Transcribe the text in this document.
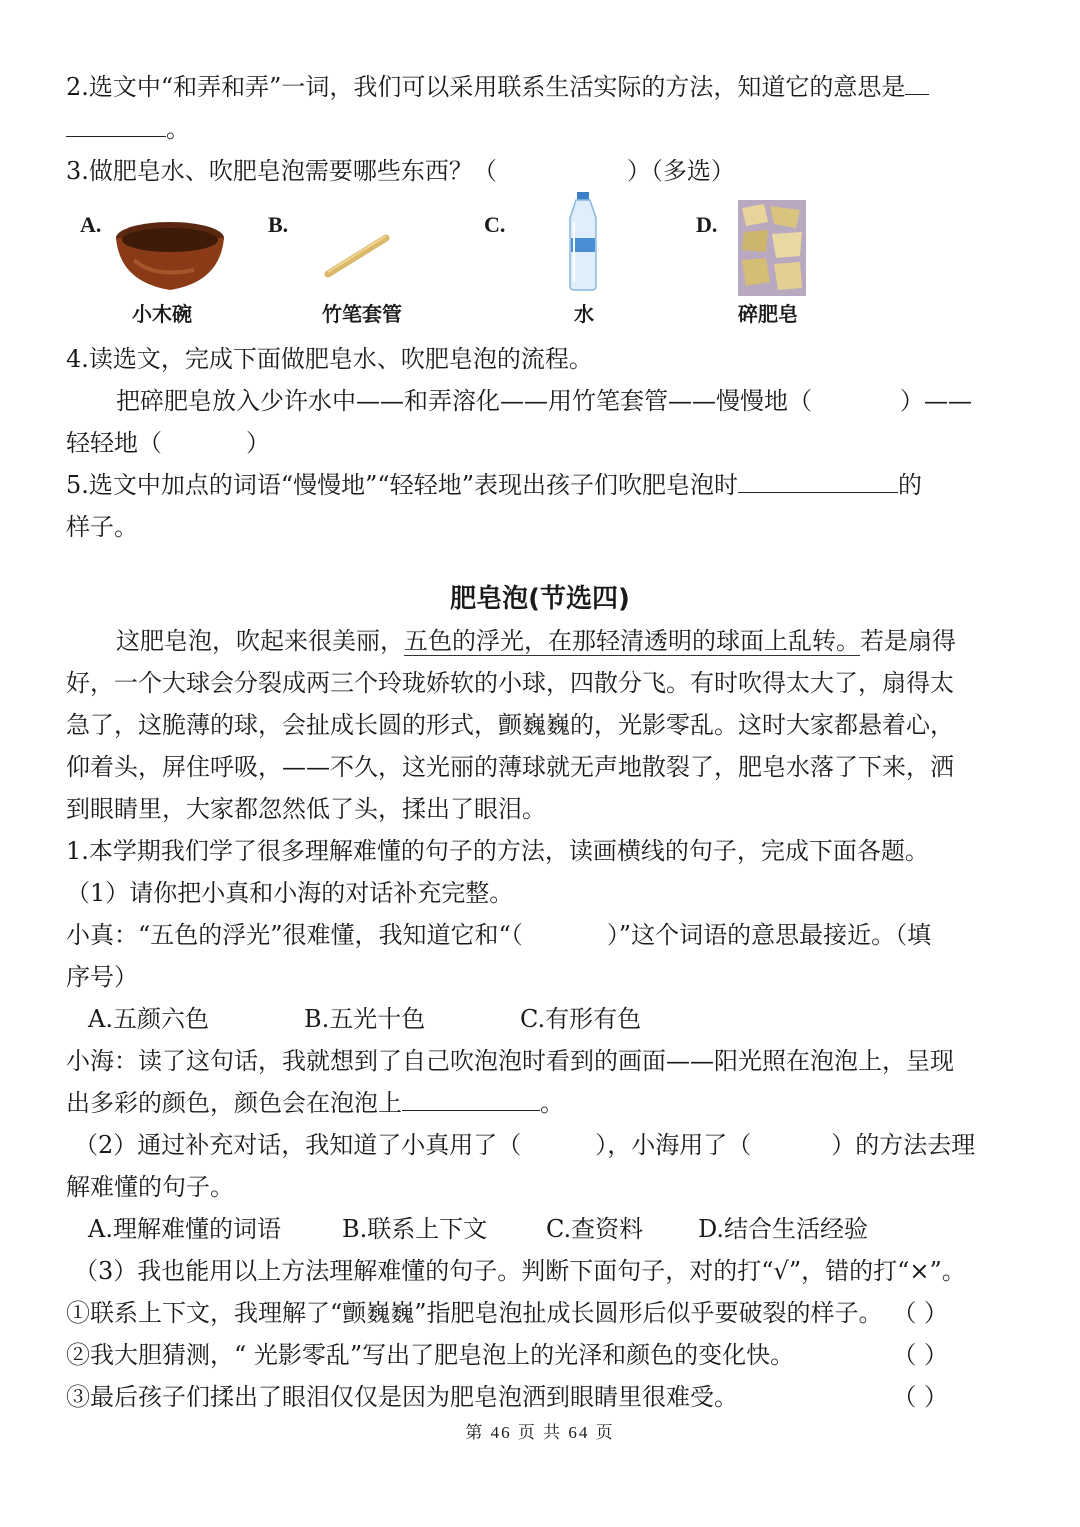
2.选文中“和弄和弄”一词，我们可以采用联系生活实际的方法，知道它的意思是
。
3.做肥皂水、吹肥皂泡需要哪些东西？（	）（多选）
A.
小木碗
B.
竹笔套管
C.
水
D.
碎肥皂
4.读选文，完成下面做肥皂水、吹肥皂泡的流程。
把碎肥皂放入少许水中——和弄溶化——用竹笔套管——慢慢地（	）——
轻轻地（	）
5.选文中加点的词语“慢慢地”“轻轻地”表现出孩子们吹肥皂泡时	的
样子。
肥皂泡(节选四)
这肥皂泡，吹起来很美丽，五色的浮光，在那轻清透明的球面上乱转。若是扇得
好，一个大球会分裂成两三个玲珑娇软的小球，四散分飞。有时吹得太大了，扇得太
急了，这脆薄的球，会扯成长圆的形式，颤巍巍的，光影零乱。这时大家都悬着心，
仰着头，屏住呼吸，——不久，这光丽的薄球就无声地散裂了，肥皂水落了下来，洒
到眼睛里，大家都忽然低了头，揉出了眼泪。
1.本学期我们学了很多理解难懂的句子的方法，读画横线的句子，完成下面各题。
（1）请你把小真和小海的对话补充完整。
小真：“五色的浮光”很难懂，我知道它和“（	）”这个词语的意思最接近。（填
序号）
A.五颜六色	B.五光十色	C.有形有色
小海：读了这句话，我就想到了自己吹泡泡时看到的画面——阳光照在泡泡上，呈现
出多彩的颜色，颜色会在泡泡上	。
（2）通过补充对话，我知道了小真用了（	），小海用了（	）的方法去理
解难懂的句子。
A.理解难懂的词语	B.联系上下文 C.查资料 D.结合生活经验
（3）我也能用以上方法理解难懂的句子。判断下面句子，对的打“√”，错的打“×”。
①联系上下文，我理解了“颤巍巍”指肥皂泡扯成长圆形后似乎要破裂的样子。 （ ）
②我大胆猜测，“ 光影零乱”写出了肥皂泡上的光泽和颜色的变化快。	（ ）
③最后孩子们揉出了眼泪仅仅是因为肥皂泡洒到眼睛里很难受。	（ ）
第 46 页 共 64 页
